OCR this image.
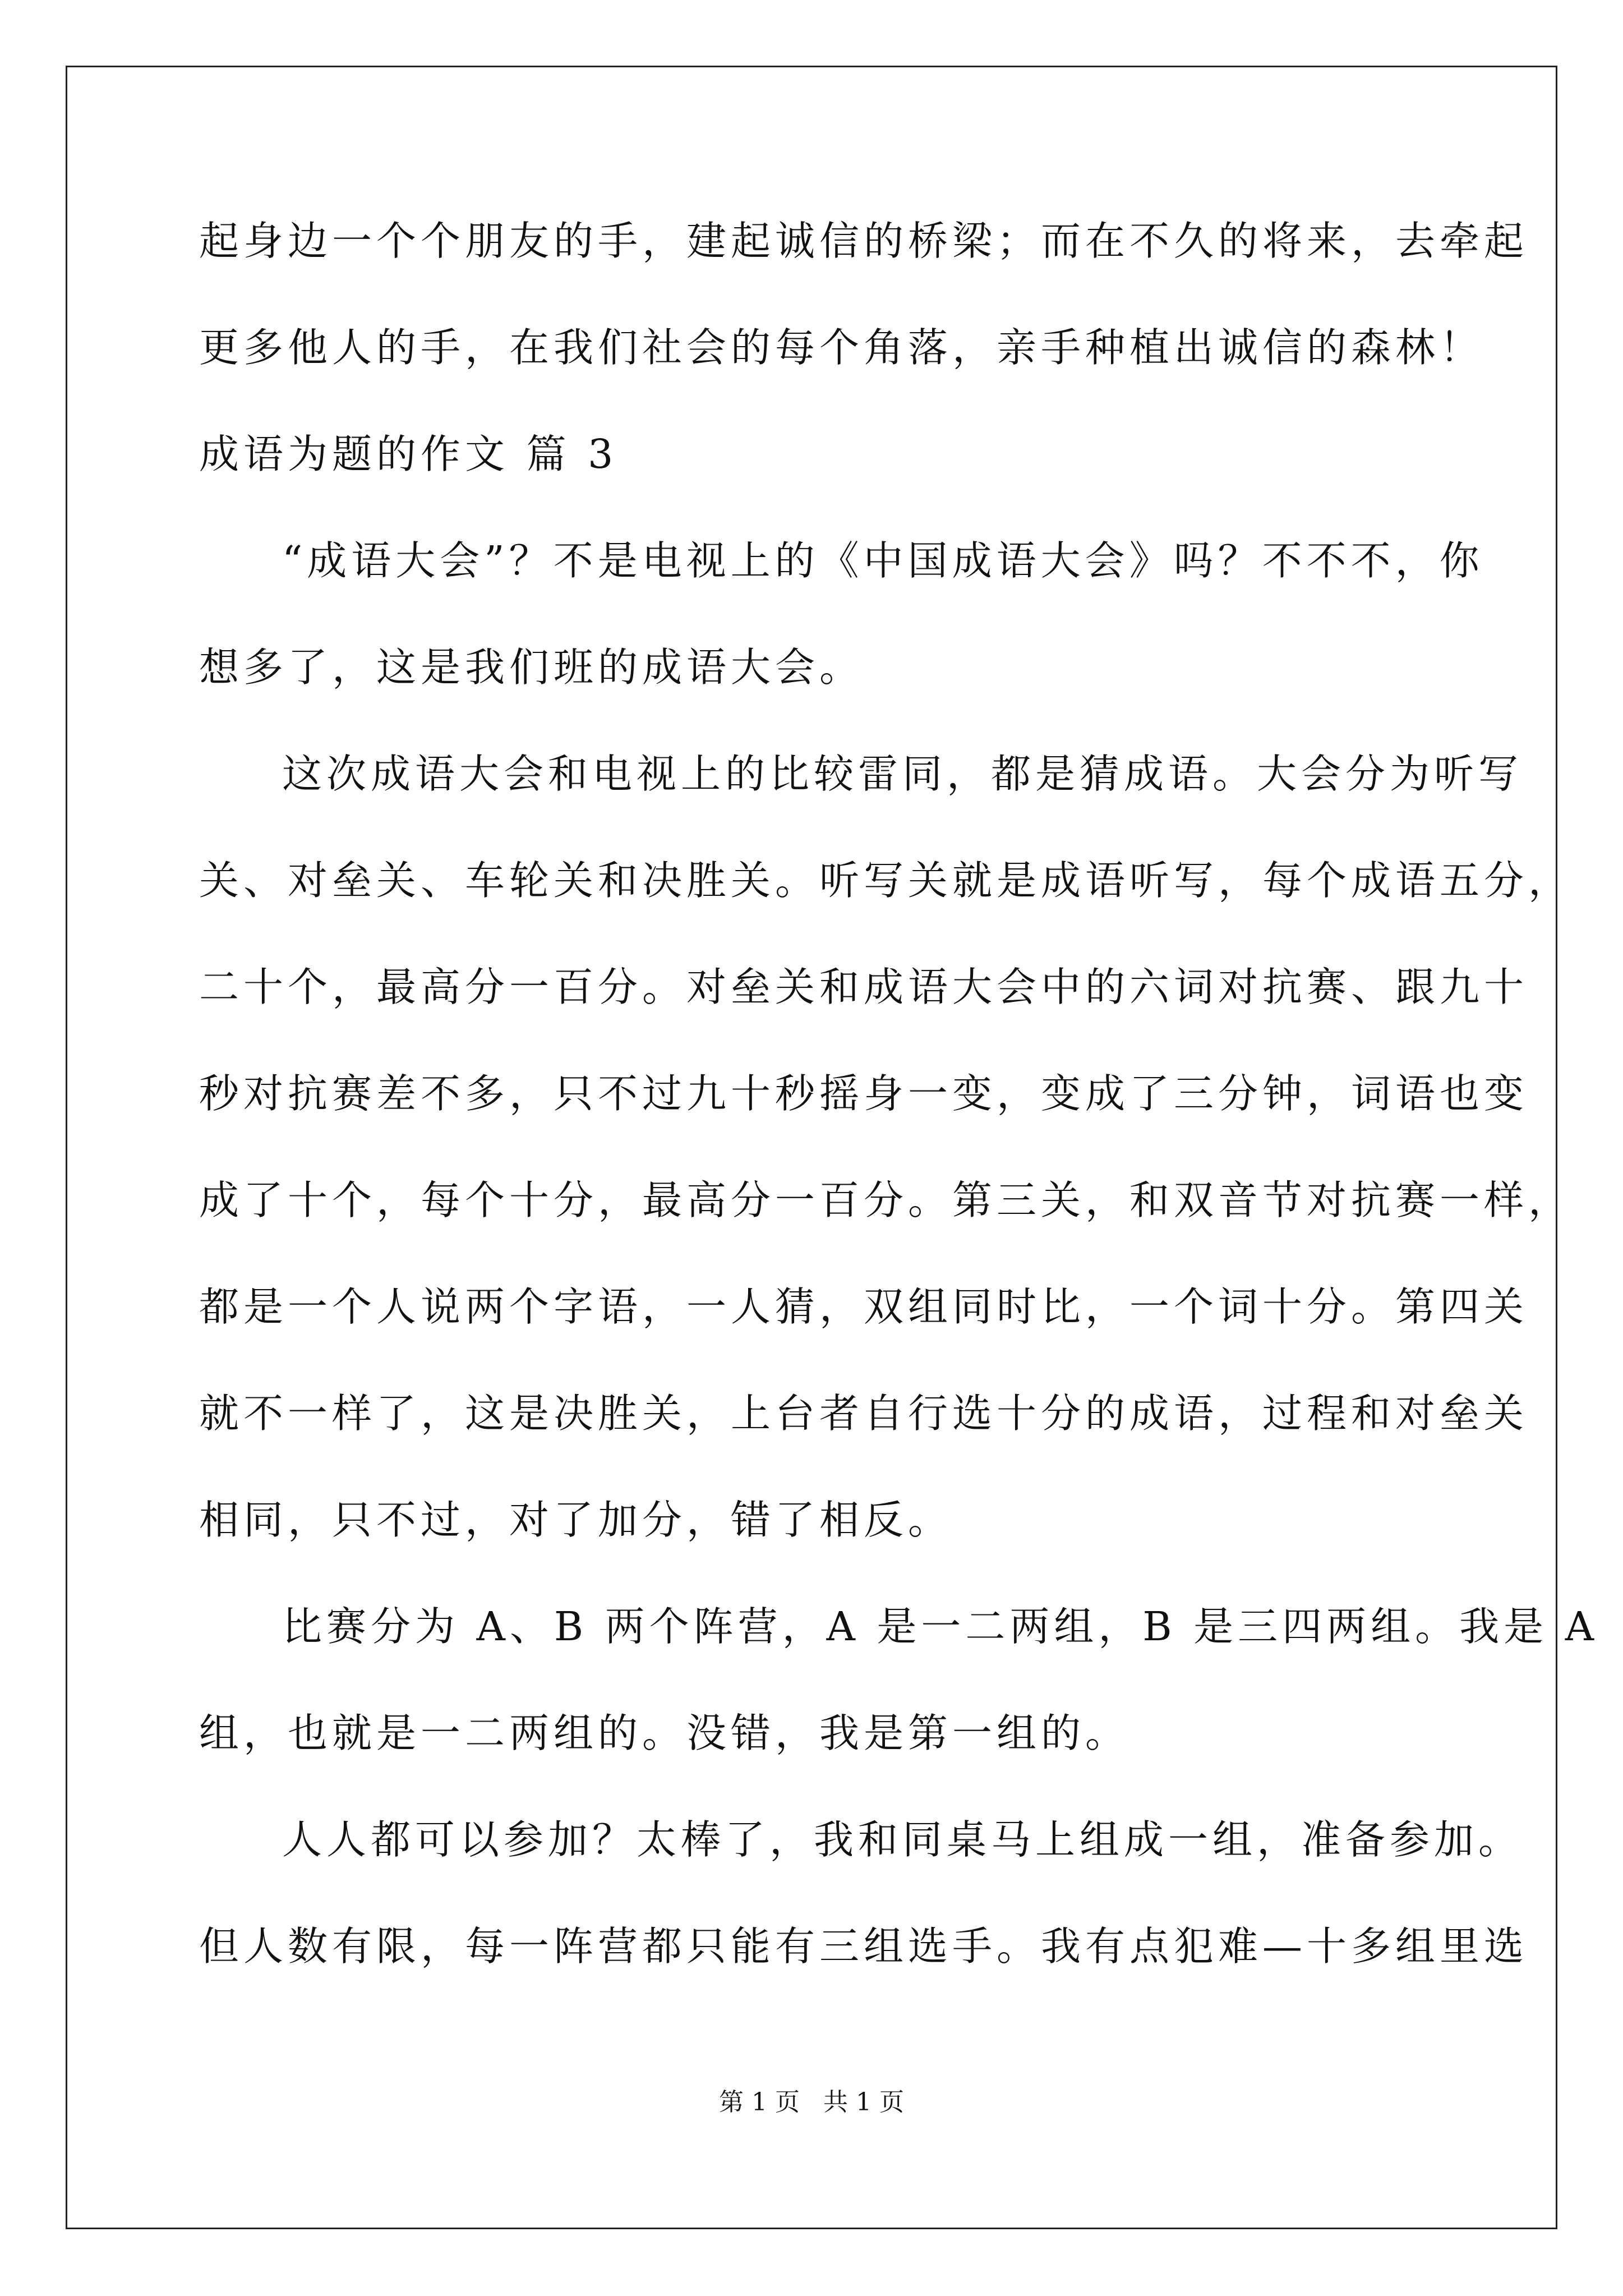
起身边一个个朋友的手，建起诚信的桥梁；而在不久的将来，去牵起
更多他人的手，在我们社会的每个角落，亲手种植出诚信的森林！
成语为题的作文 篇 3
“成语大会”？不是电视上的《中国成语大会》吗？不不不，你
想多了，这是我们班的成语大会。
这次成语大会和电视上的比较雷同，都是猜成语。大会分为听写
关、对垒关、车轮关和决胜关。听写关就是成语听写，每个成语五分，
二十个，最高分一百分。对垒关和成语大会中的六词对抗赛、跟九十
秒对抗赛差不多，只不过九十秒摇身一变，变成了三分钟，词语也变
成了十个，每个十分，最高分一百分。第三关，和双音节对抗赛一样，
都是一个人说两个字语，一人猜，双组同时比，一个词十分。第四关
就不一样了，这是决胜关，上台者自行选十分的成语，过程和对垒关
相同，只不过，对了加分，错了相反。
比赛分为 A、B 两个阵营，A 是一二两组，B 是三四两组。我是 A
组，也就是一二两组的。没错，我是第一组的。
人人都可以参加？太棒了，我和同桌马上组成一组，准备参加。
但人数有限，每一阵营都只能有三组选手。我有点犯难—十多组里选
第 1 页   共 1 页
